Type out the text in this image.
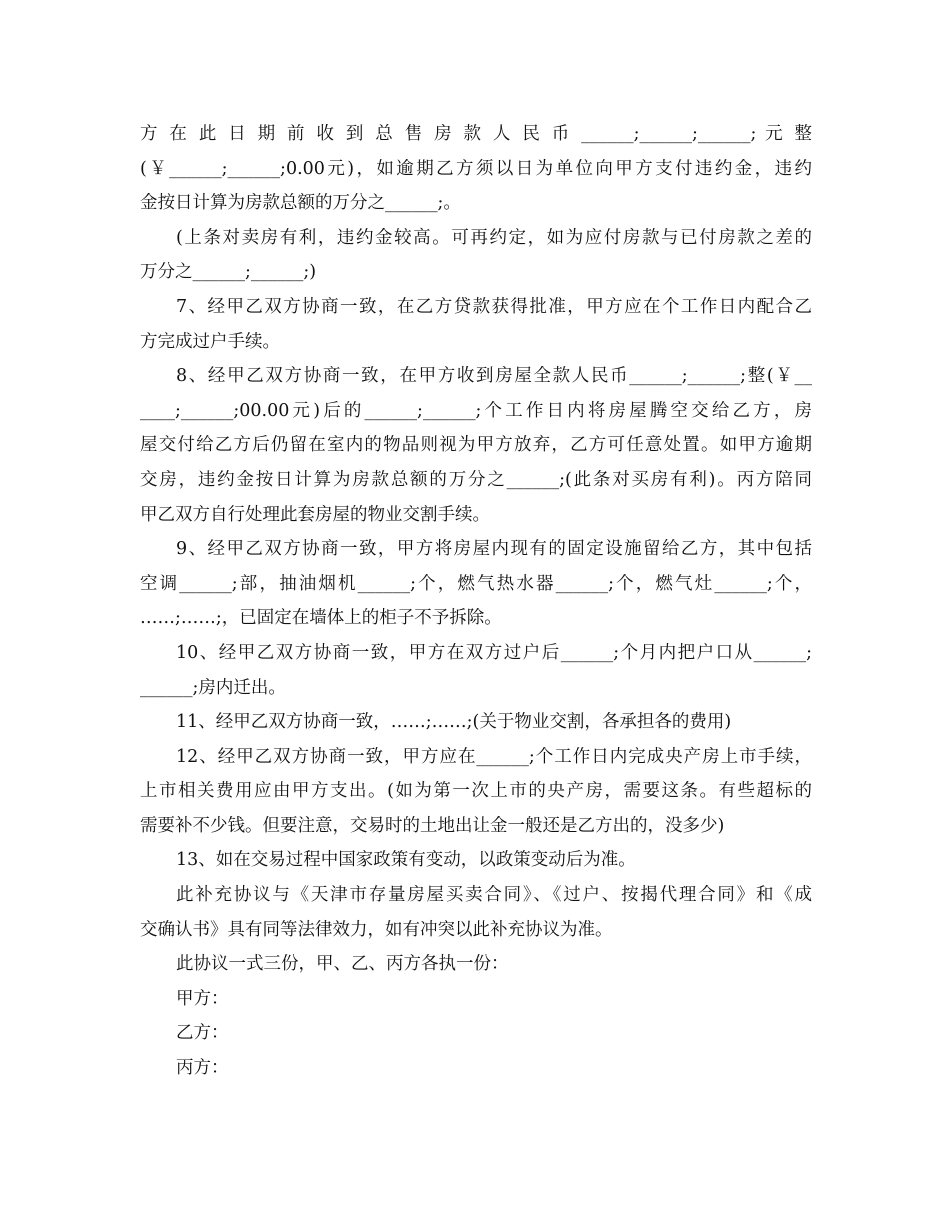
方 在 此 日 期 前 收 到 总 售 房 款 人 民 币 ______;______;______; 元 整
(￥______;______;0.00元)，如逾期乙方须以日为单位向甲方支付违约金，违约
金按日计算为房款总额的万分之______;。
(上条对卖房有利，违约金较高。可再约定，如为应付房款与已付房款之差的
万分之______;______;)
7、经甲乙双方协商一致，在乙方贷款获得批准，甲方应在个工作日内配合乙
方完成过户手续。
8、经甲乙双方协商一致，在甲方收到房屋全款人民币______;______;整(￥__
____;______;00.00元)后的______;______;个工作日内将房屋腾空交给乙方，房
屋交付给乙方后仍留在室内的物品则视为甲方放弃，乙方可任意处置。如甲方逾期
交房，违约金按日计算为房款总额的万分之______;(此条对买房有利)。丙方陪同
甲乙双方自行处理此套房屋的物业交割手续。
9、经甲乙双方协商一致，甲方将房屋内现有的固定设施留给乙方，其中包括
空调______;部，抽油烟机______;个，燃气热水器______;个，燃气灶______;个，
……;……;，已固定在墙体上的柜子不予拆除。
10、经甲乙双方协商一致，甲方在双方过户后______;个月内把户口从______;
______;房内迁出。
11、经甲乙双方协商一致，……;……;(关于物业交割，各承担各的费用)
12、经甲乙双方协商一致，甲方应在______;个工作日内完成央产房上市手续，
上市相关费用应由甲方支出。(如为第一次上市的央产房，需要这条。有些超标的
需要补不少钱。但要注意，交易时的土地出让金一般还是乙方出的，没多少)
13、如在交易过程中国家政策有变动，以政策变动后为准。
此补充协议与《天津市存量房屋买卖合同》、《过户、按揭代理合同》和《成
交确认书》具有同等法律效力，如有冲突以此补充协议为准。
此协议一式三份，甲、乙、丙方各执一份：
甲方：
乙方：
丙方：
